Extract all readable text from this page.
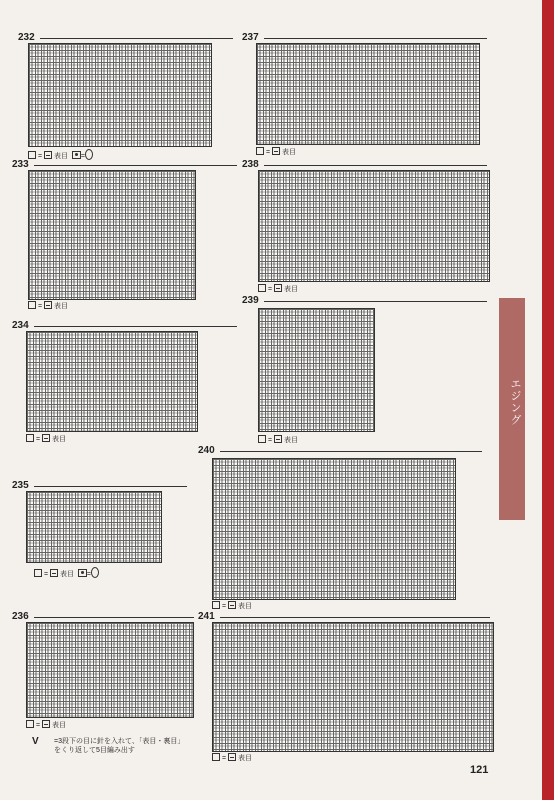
エジング
232
= 表目 =
233
= 表目
234
= 表目
235
= 表目 =
236
= 表目
237
= 表目
238
= 表目
239
= 表目
240
= 表目
241
= 表目
V =3段下の目に針を入れて、「表目・裏目」
をくり返して5目編み出す
121
